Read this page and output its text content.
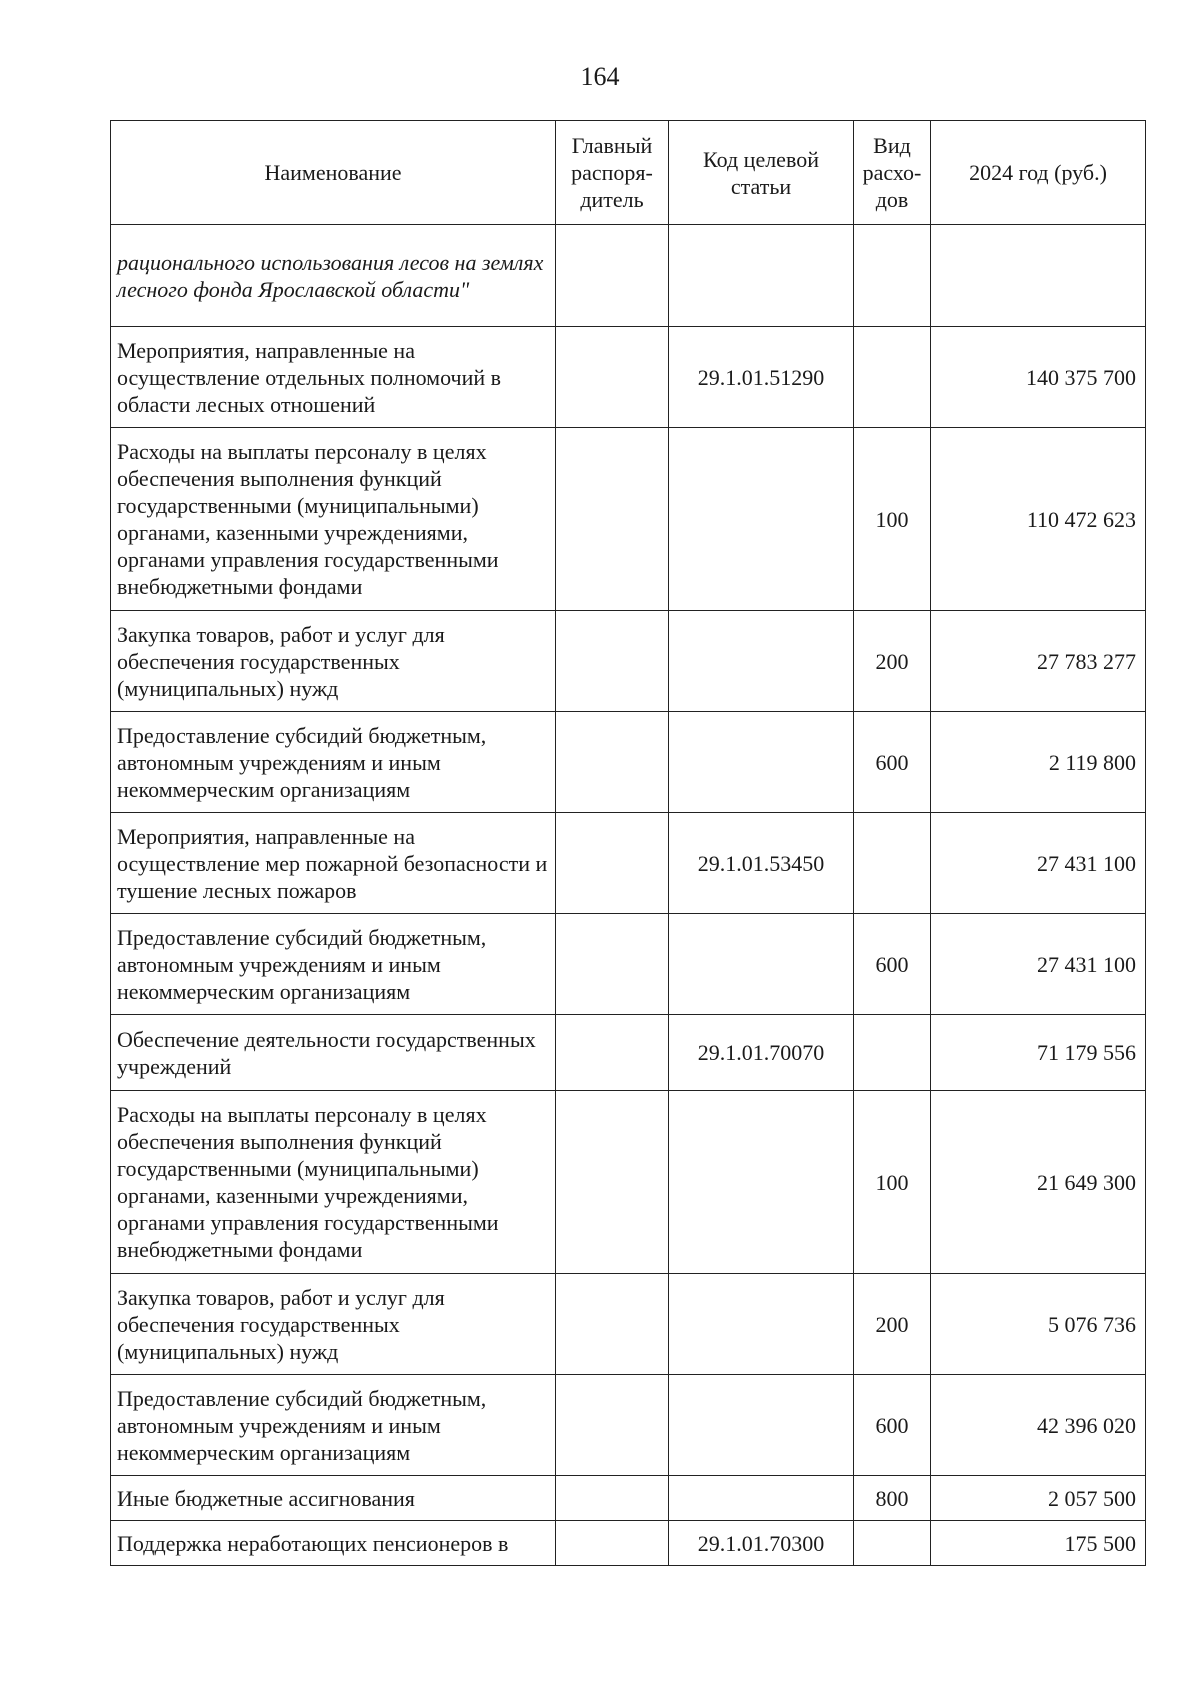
164
Наименование	Главный распоря-дитель	Код целевой статьи	Вид расхо-дов	2024 год (руб.)
рационального использования лесов на землях лесного фонда Ярославской области"				
Мероприятия, направленные на осуществление отдельных полномочий в области лесных отношений		29.1.01.51290		140 375 700
Расходы на выплаты персоналу в целях обеспечения выполнения функций государственными (муниципальными) органами, казенными учреждениями, органами управления государственными внебюджетными фондами			100	110 472 623
Закупка товаров, работ и услуг для обеспечения государственных (муниципальных) нужд			200	27 783 277
Предоставление субсидий бюджетным, автономным учреждениям и иным некоммерческим организациям			600	2 119 800
Мероприятия, направленные на осуществление мер пожарной безопасности и тушение лесных пожаров		29.1.01.53450		27 431 100
Предоставление субсидий бюджетным, автономным учреждениям и иным некоммерческим организациям			600	27 431 100
Обеспечение деятельности государственных учреждений		29.1.01.70070		71 179 556
Расходы на выплаты персоналу в целях обеспечения выполнения функций государственными (муниципальными) органами, казенными учреждениями, органами управления государственными внебюджетными фондами			100	21 649 300
Закупка товаров, работ и услуг для обеспечения государственных (муниципальных) нужд			200	5 076 736
Предоставление субсидий бюджетным, автономным учреждениям и иным некоммерческим организациям			600	42 396 020
Иные бюджетные ассигнования			800	2 057 500
Поддержка неработающих пенсионеров в		29.1.01.70300		175 500
